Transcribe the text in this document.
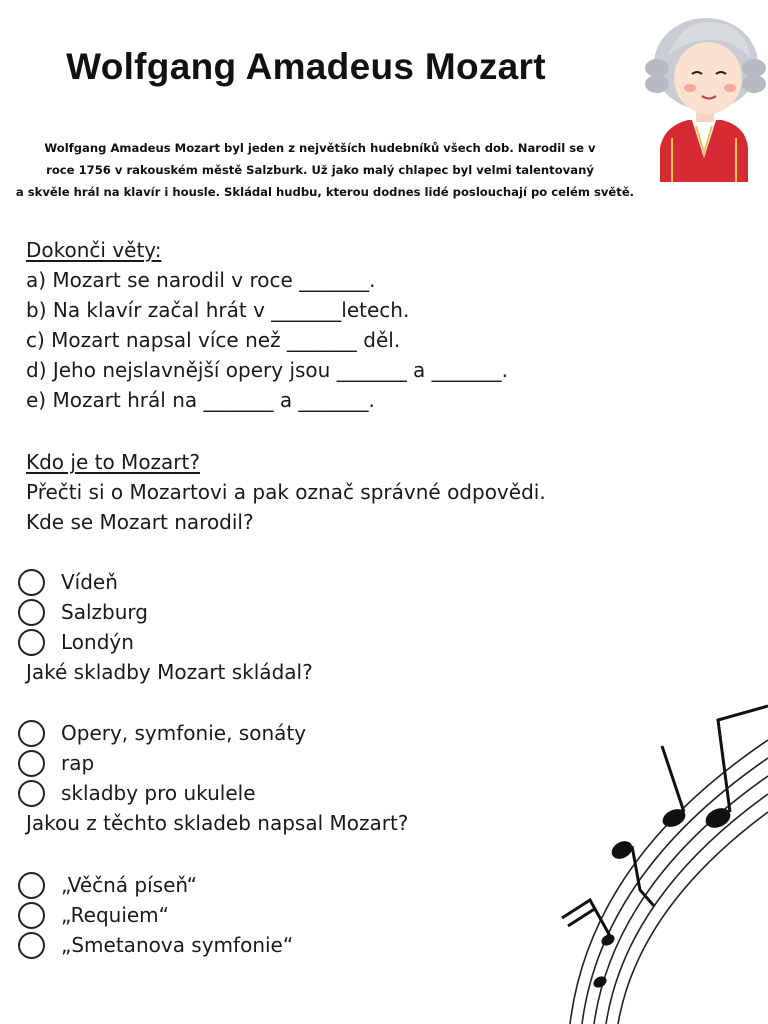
Wolfgang Amadeus Mozart
Wolfgang Amadeus Mozart byl jeden z největších hudebníků všech dob. Narodil se v
roce 1756 v rakouském městě Salzburk. Už jako malý chlapec byl velmi talentovaný
a skvěle hrál na klavír i housle. Skládal hudbu, kterou dodnes lidé poslouchají po celém světě.
Dokonči věty:
a) Mozart se narodil v roce _______.
b) Na klavír začal hrát v _______letech.
c) Mozart napsal více než _______ děl.
d) Jeho nejslavnější opery jsou _______ a _______.
e) Mozart hrál na _______ a _______.
Kdo je to Mozart?
Přečti si o Mozartovi a pak označ správné odpovědi.
Kde se Mozart narodil?
Vídeň
Salzburg
Londýn
Jaké skladby Mozart skládal?
Opery, symfonie, sonáty
rap
skladby pro ukulele
Jakou z těchto skladeb napsal Mozart?
„Věčná píseň“
„Requiem“
„Smetanova symfonie“
